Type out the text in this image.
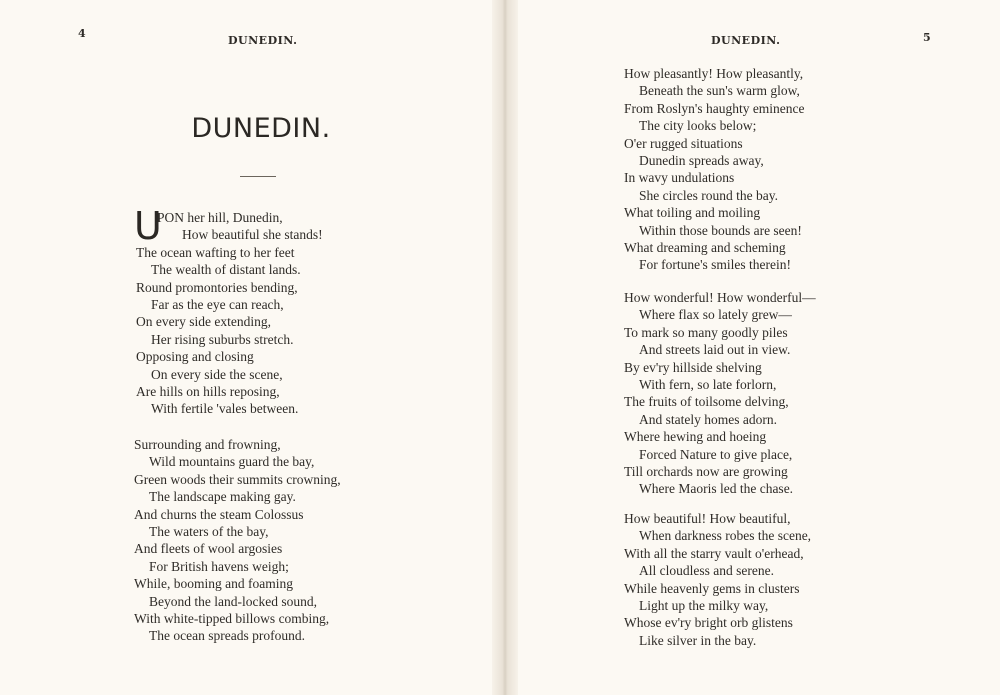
4
DUNEDIN.
DUNEDIN.
U
PON her hill, Dunedin,
How beautiful she stands!
The ocean wafting to her feet
The wealth of distant lands.
Round promontories bending,
Far as the eye can reach,
On every side extending,
Her rising suburbs stretch.
Opposing and closing
On every side the scene,
Are hills on hills reposing,
With fertile 'vales between.
Surrounding and frowning,
Wild mountains guard the bay,
Green woods their summits crowning,
The landscape making gay.
And churns the steam Colossus
The waters of the bay,
And fleets of wool argosies
For British havens weigh;
While, booming and foaming
Beyond the land-locked sound,
With white-tipped billows combing,
The ocean spreads profound.
DUNEDIN.	5
How pleasantly! How pleasantly,
Beneath the sun's warm glow,
From Roslyn's haughty eminence
The city looks below;
O'er rugged situations
Dunedin spreads away,
In wavy undulations
She circles round the bay.
What toiling and moiling
Within those bounds are seen!
What dreaming and scheming
For fortune's smiles therein!
How wonderful! How wonderful—
Where flax so lately grew—
To mark so many goodly piles
And streets laid out in view.
By ev'ry hillside shelving
With fern, so late forlorn,
The fruits of toilsome delving,
And stately homes adorn.
Where hewing and hoeing
Forced Nature to give place,
Till orchards now are growing
Where Maoris led the chase.
How beautiful! How beautiful,
When darkness robes the scene,
With all the starry vault o'erhead,
All cloudless and serene.
While heavenly gems in clusters
Light up the milky way,
Whose ev'ry bright orb glistens
Like silver in the bay.
